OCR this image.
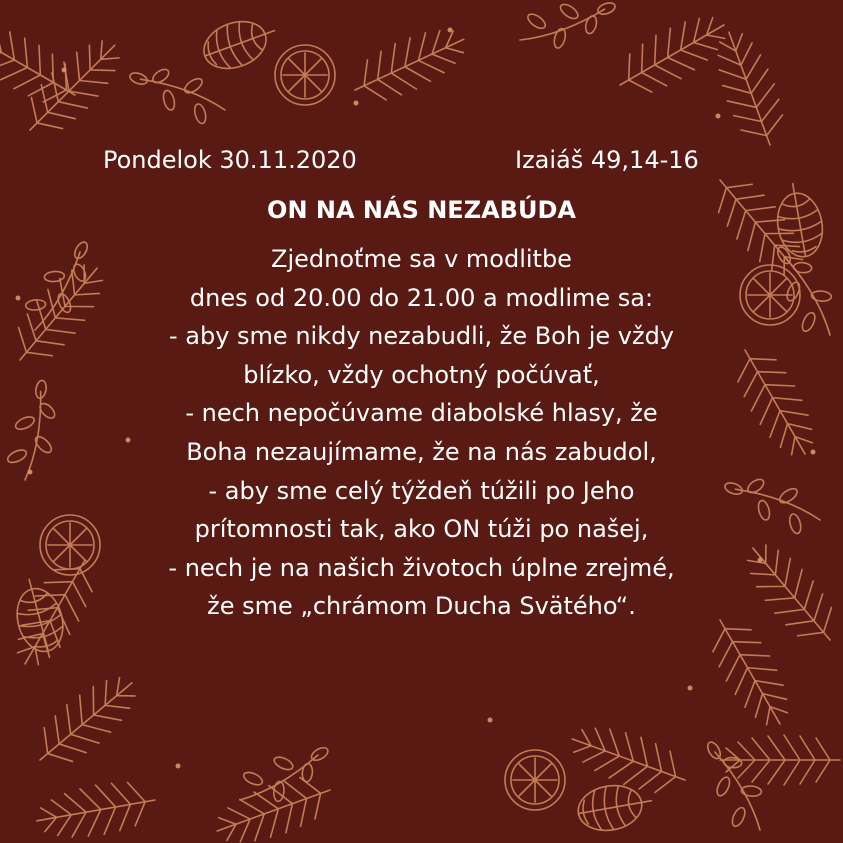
Pondelok 30.11.2020	Izaiáš 49,14-16
ON NA NÁS NEZABÚDA
Zjednoťme sa v modlitbe
dnes od 20.00 do 21.00 a modlime sa:
- aby sme nikdy nezabudli, že Boh je vždy
blízko, vždy ochotný počúvať,
- nech nepočúvame diabolské hlasy, že
Boha nezaujímame, že na nás zabudol,
- aby sme celý týždeň túžili po Jeho
prítomnosti tak, ako ON túži po našej,
- nech je na našich životoch úplne zrejmé,
že sme „chrámom Ducha Svätého“.
